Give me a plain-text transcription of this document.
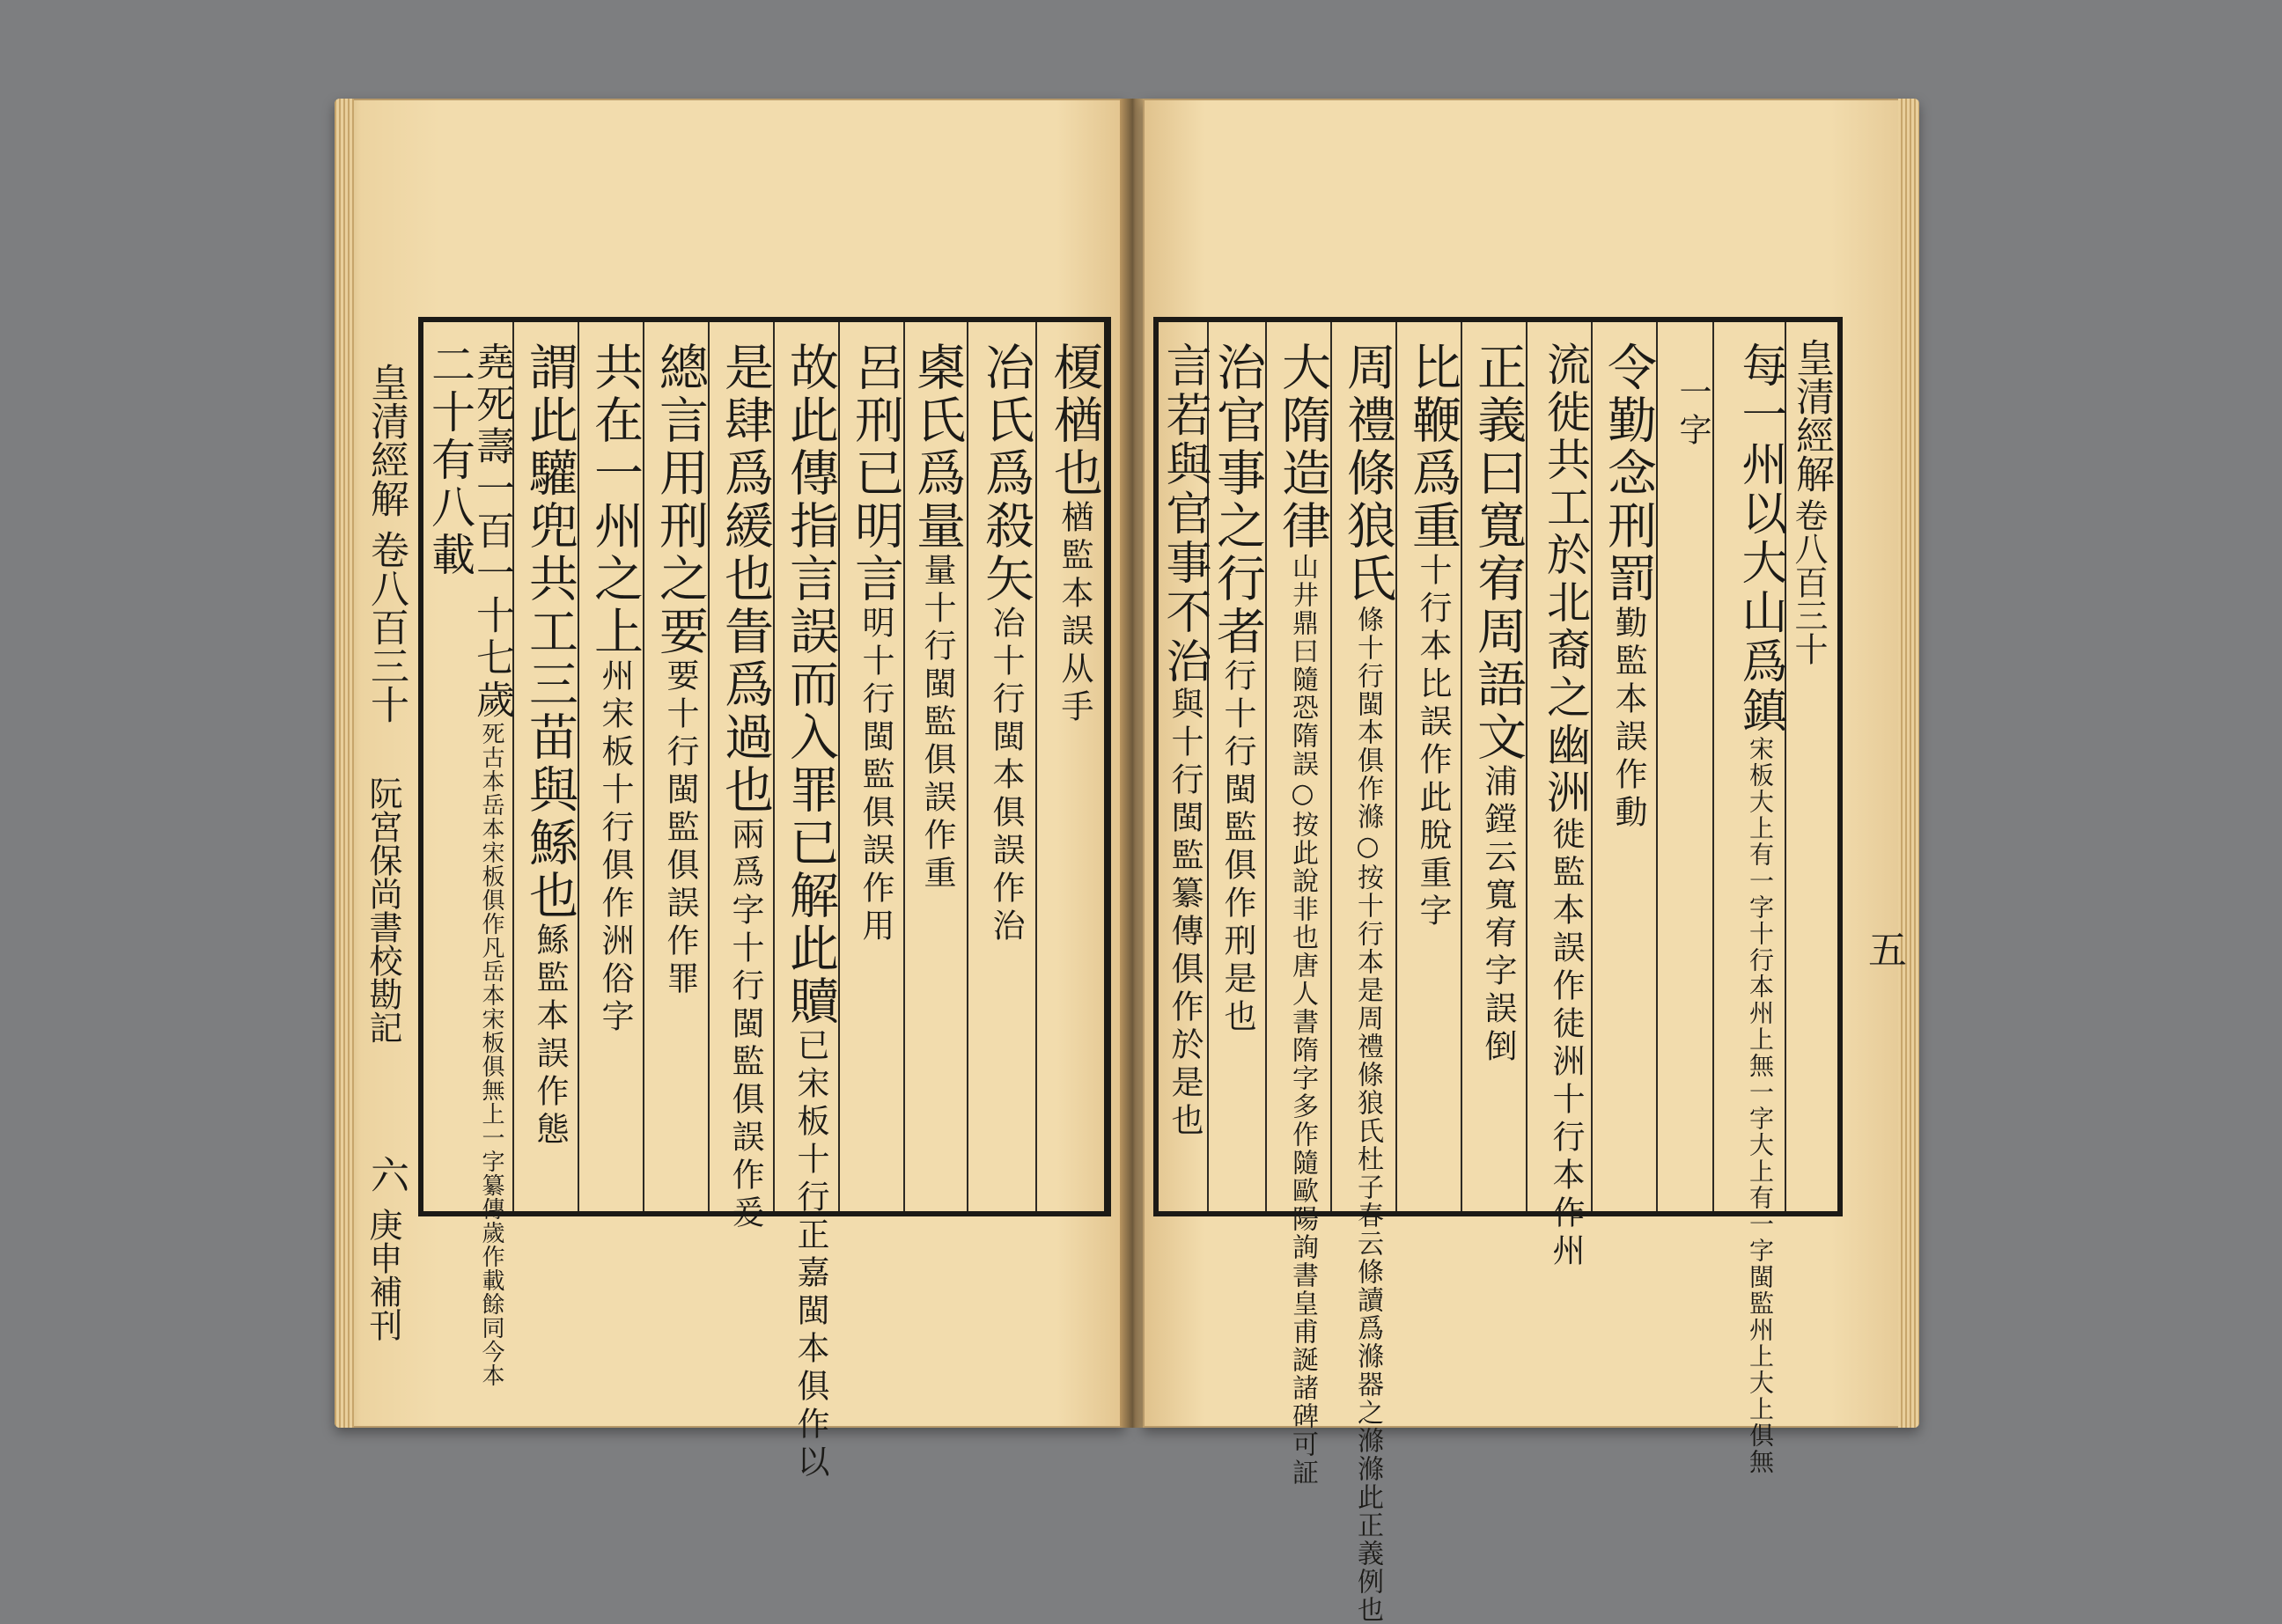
皇清經解
卷八百三十
阮宮保尚書校勘記
六
庚申補刊
榎楢也楢監本誤从手
冶氏爲殺矢冶十行閩本俱誤作治
㮚氏爲量量十行閩監俱誤作重
呂刑已明言明十行閩監俱誤作用
故此傳指言誤而入罪已解此贖已宋板十行正嘉閩本俱作以
是肆爲緩也眚爲過也兩爲字十行閩監俱誤作爰
總言用刑之要要十行閩監俱誤作罪
共在一州之上州宋板十行俱作洲俗字
謂此驩兜共工三苗與鯀也鯀監本誤作態
堯死壽一百一十七歲死古本岳本宋板俱作凡岳本宋板俱無上一字纂傳歲作載餘同今本
二十有八載	皇清經解
卷八百三十
五
每一州以大山爲鎮宋板大上有一字十行本州上無一字大上有一字閩監州上大上俱無
一字
令勤念刑罰勤監本誤作動
流徙共工於北裔之幽洲徙監本誤作徒洲十行本作州
正義曰寬宥周語文浦鏜云寬宥字誤倒
比鞭爲重十行本比誤作此脫重字
周禮條狼氏條十行閩本俱作滌○按十行本是周禮條狼氏杜子春云條讀爲滌器之滌滌此正義例也
大隋造律山井鼎曰隨恐隋誤○按此說非也唐人書隋字多作隨歐陽詢書皇甫誕諸碑可証
治官事之行者行十行閩監俱作刑是也
言若與官事不治與十行閩監纂傳俱作於是也
